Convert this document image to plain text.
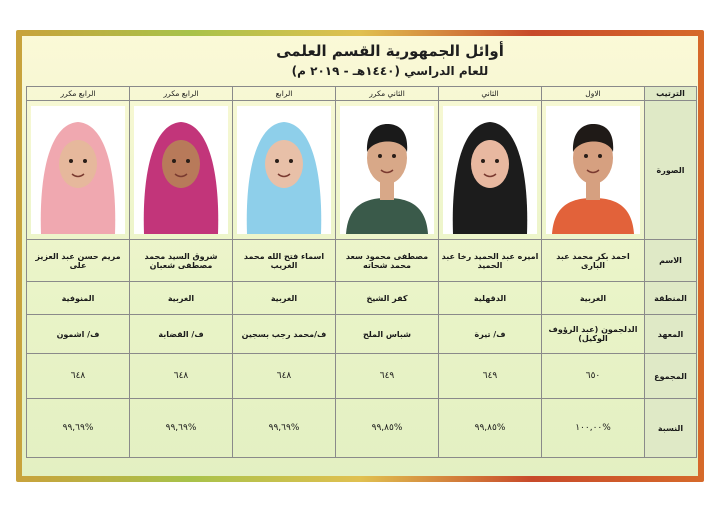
أوائل الجمهورية القسم العلمى
للعام الدراسي (١٤٤٠هـ - ٢٠١٩ م)
الترتيب	الاول	الثاني	الثاني مكرر	الرابع	الرابع مكرر	الرابع مكرر
الصورة	

الاسم	احمد بكر محمد عبد البارى	اميره عبد الحميد رخا عبد الحميد	مصطفى محمود سعد محمد شحاته	اسماء فتح الله محمد الغريب	شروق السيد محمد مصطفى شعبان	مريم حسن عبد العزيز على
المنطقة	الغربية	الدقهلية	كفر الشيخ	الغربية	الغربية	المنوفية
المعهد	الدلجمون (عبد الرؤوف الوكيل)	ف/ تيرة	شباس الملح	ف/محمد رجب بسجين	ف/ القضابة	ف/ اشمون
المجموع	٦٥٠	٦٤٩	٦٤٩	٦٤٨	٦٤٨	٦٤٨
النسبة	%١٠٠,٠٠	%٩٩,٨٥	%٩٩,٨٥	%٩٩,٦٩	%٩٩,٦٩	%٩٩,٦٩
